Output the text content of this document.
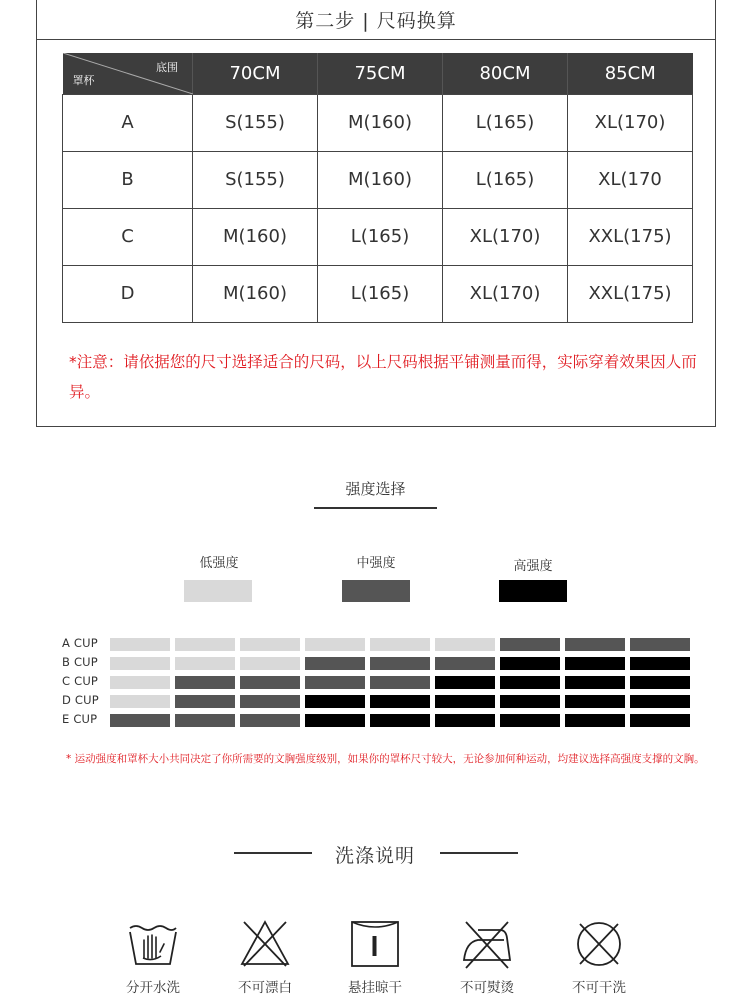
第二步 | 尺码换算
底围
罩杯	70CM	75CM	80CM	85CM
A	S(155)	M(160)	L(165)	XL(170)
B	S(155)	M(160)	L(165)	XL(170
C	M(160)	L(165)	XL(170)	XXL(175)
D	M(160)	L(165)	XL(170)	XXL(175)
*注意：请依据您的尺寸选择适合的尺码，以上尺码根据平铺测量而得，实际穿着效果因人而异。
强度选择
低强度	中强度	高强度
A CUP
B CUP
C CUP
D CUP
E CUP
* 运动强度和罩杯大小共同决定了你所需要的文胸强度级别，如果你的罩杯尺寸较大，无论参加何种运动，均建议选择高强度支撑的文胸。
洗涤说明
分开水洗	不可漂白	悬挂晾干	不可熨烫	不可干洗
